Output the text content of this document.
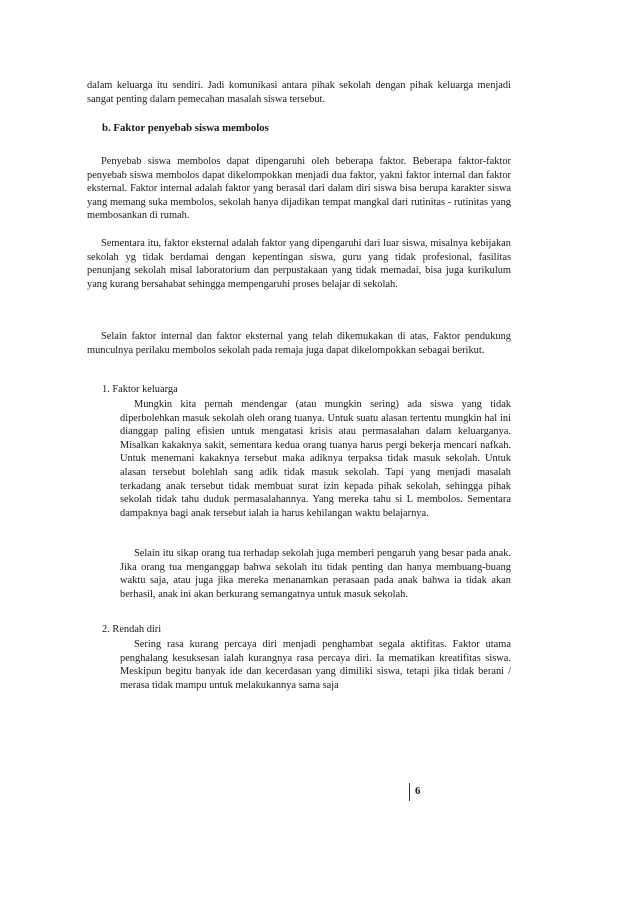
dalam keluarga itu sendiri. Jadi komunikasi antara pihak sekolah dengan pihak keluarga menjadi sangat penting dalam pemecahan masalah siswa tersebut.

b. Faktor penyebab siswa membolos

Penyebab siswa membolos dapat dipengaruhi oleh beberapa faktor. Beberapa faktor-faktor penyebab siswa membolos dapat dikelompokkan menjadi dua faktor, yakni faktor internal dan faktor eksternal. Faktor internal adalah faktor yang berasal dari dalam diri siswa bisa berupa karakter siswa yang memang suka membolos, sekolah hanya dijadikan tempat mangkal dari rutinitas - rutinitas yang membosankan di rumah.

Sementara itu, faktor eksternal adalah faktor yang dipengaruhi dari luar siswa, misalnya kebijakan sekolah yg tidak berdamai dengan kepentingan siswa, guru yang tidak profesional, fasilitas penunjang sekolah misal laboratorium dan perpustakaan yang tidak memadai, bisa juga kurikulum yang kurang bersahabat sehingga mempengaruhi proses belajar di sekolah.

Selain faktor internal dan faktor eksternal yang telah dikemukakan di atas, Faktor pendukung munculnya perilaku membolos sekolah pada remaja juga dapat dikelompokkan sebagai berikut.

1. Faktor keluarga

Mungkin kita pernah mendengar (atau mungkin sering) ada siswa yang tidak diperbolehkan masuk sekolah oleh orang tuanya. Untuk suatu alasan tertentu mungkin hal ini dianggap paling efisien untuk mengatasi krisis atau permasalahan dalam keluarganya. Misalkan kakaknya sakit, sementara kedua orang tuanya harus pergi bekerja mencari nafkah. Untuk menemani kakaknya tersebut maka adiknya terpaksa tidak masuk sekolah. Untuk alasan tersebut bolehlah sang adik tidak masuk sekolah. Tapi yang menjadi masalah terkadang anak tersebut tidak membuat surat izin kepada pihak sekolah, sehingga pihak sekolah tidak tahu duduk permasalahannya. Yang mereka tahu si L membolos. Sementara dampaknya bagi anak tersebut ialah ia harus kehilangan waktu belajarnya.

Selain itu sikap orang tua terhadap sekolah juga memberi pengaruh yang besar pada anak. Jika orang tua menganggap bahwa sekolah itu tidak penting dan hanya membuang-buang waktu saja, atau juga jika mereka menanamkan perasaan pada anak bahwa ia tidak akan berhasil, anak ini akan berkurang semangatnya untuk masuk sekolah.

2. Rendah diri

Sering rasa kurang percaya diri menjadi penghambat segala aktifitas. Faktor utama penghalang kesuksesan ialah kurangnya rasa percaya diri. Ia mematikan kreatifitas siswa. Meskipun begitu banyak ide dan kecerdasan yang dimiliki siswa, tetapi jika tidak berani / merasa tidak mampu untuk melakukannya sama saja

6
